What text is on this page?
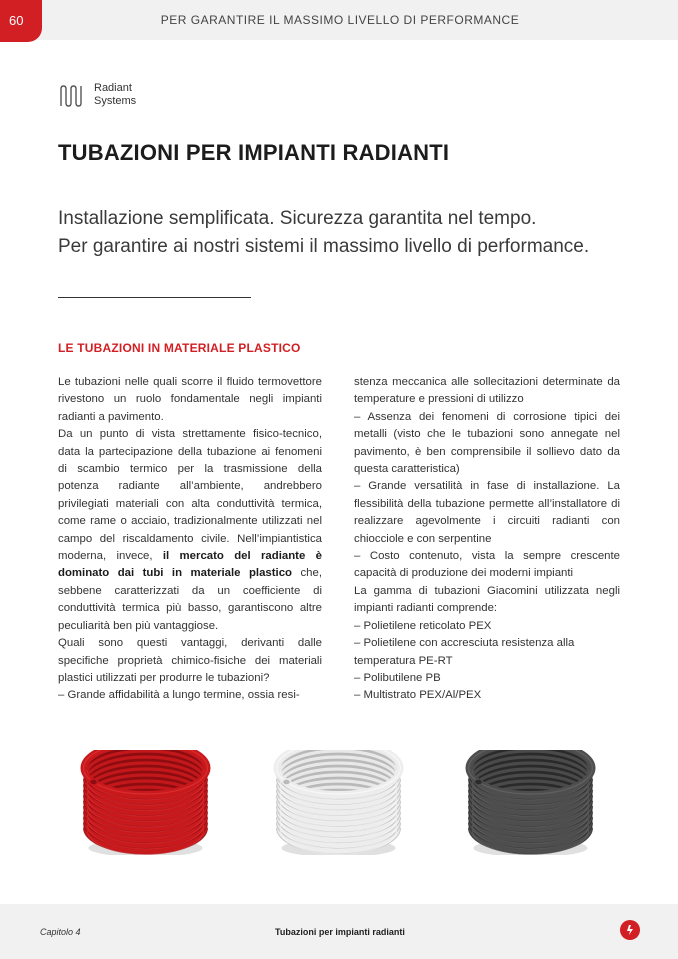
60	PER GARANTIRE IL MASSIMO LIVELLO DI PERFORMANCE
Radiant
Systems
TUBAZIONI PER IMPIANTI RADIANTI
Installazione semplificata. Sicurezza garantita nel tempo.
Per garantire ai nostri sistemi il massimo livello di performance.
LE TUBAZIONI IN MATERIALE PLASTICO

Le tubazioni nelle quali scorre il fluido termovettore rivestono un ruolo fondamentale negli impianti radianti a pavimento.

Da un punto di vista strettamente fisico-tecnico, data la partecipazione della tubazione ai fenomeni di scambio termico per la trasmissione della potenza radiante all’ambiente, andrebbero privilegiati materiali con alta conduttività termica, come rame o acciaio, tradizionalmente utilizzati nel campo del riscaldamento civile. Nell’impiantistica moderna, invece, il mercato del radiante è dominato dai tubi in materiale plastico che, sebbene caratterizzati da un coefficiente di conduttività termica più basso, garantiscono altre peculiarità ben più vantaggiose.

Quali sono questi vantaggi, derivanti dalle specifiche proprietà chimico-fisiche dei materiali plastici utilizzati per produrre le tubazioni?

– Grande affidabilità a lungo termine, ossia resi-

stenza meccanica alle sollecitazioni determinate da temperature e pressioni di utilizzo

– Assenza dei fenomeni di corrosione tipici dei metalli (visto che le tubazioni sono annegate nel pavimento, è ben comprensibile il sollievo dato da questa caratteristica)

– Grande versatilità in fase di installazione. La flessibilità della tubazione permette all’installatore di realizzare agevolmente i circuiti radianti con chiocciole e con serpentine

– Costo contenuto, vista la sempre crescente capacità di produzione dei moderni impianti

La gamma di tubazioni Giacomini utilizzata negli impianti radianti comprende:

– Polietilene reticolato PEX

– Polietilene con accresciuta resistenza alla temperatura PE-RT

– Polibutilene PB

– Multistrato PEX/Al/PEX

Capitolo 4	Tubazioni per impianti radianti
